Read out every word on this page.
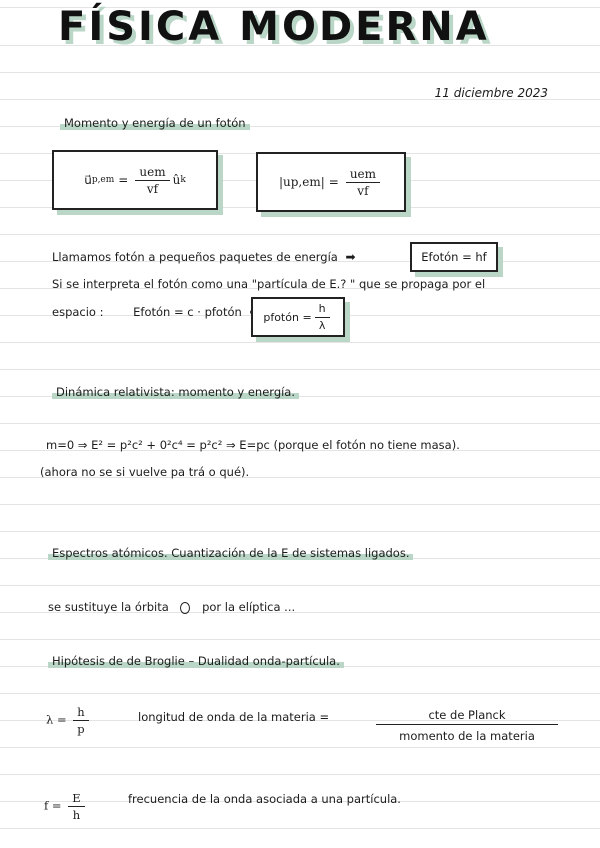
FÍSICA MODERNA
11 diciembre 2023
Momento y energía de un fotón
u⃗ $p,em = \frac{\text{uem}}{vf}$ û k	$|up,em| = \frac{\text{uem}}{vf}$
Llamamos fotón a pequeños paquetes de energía ➡	Efotón = hf
Si se interpreta el fotón como una "partícula de E.? " que se propaga por el
espacio :	Efotón = c · pfotón	pfotón = $\frac{h}{\lambda}$
Dinámica relativista: momento y energía.
m=0 ⇒ E² = p²c² + 0²c⁴ = p²c² ⇒ E=pc (porque el fotón no tiene masa).
(ahora no se si vuelve pa trá o qué).
Espectros atómicos. Cuantización de la E de sistemas ligados.
se sustituye la órbita	por la elíptica ...
Hipótesis de de Broglie – Dualidad onda-partícula.
$\lambda = \frac{h}{p}$	longitud de onda de la materia =	$\frac{\text{cte de Planck}}{\text{momento de la materia}}$
$f = \frac{E}{h}$	frecuencia de la onda asociada a una partícula.
